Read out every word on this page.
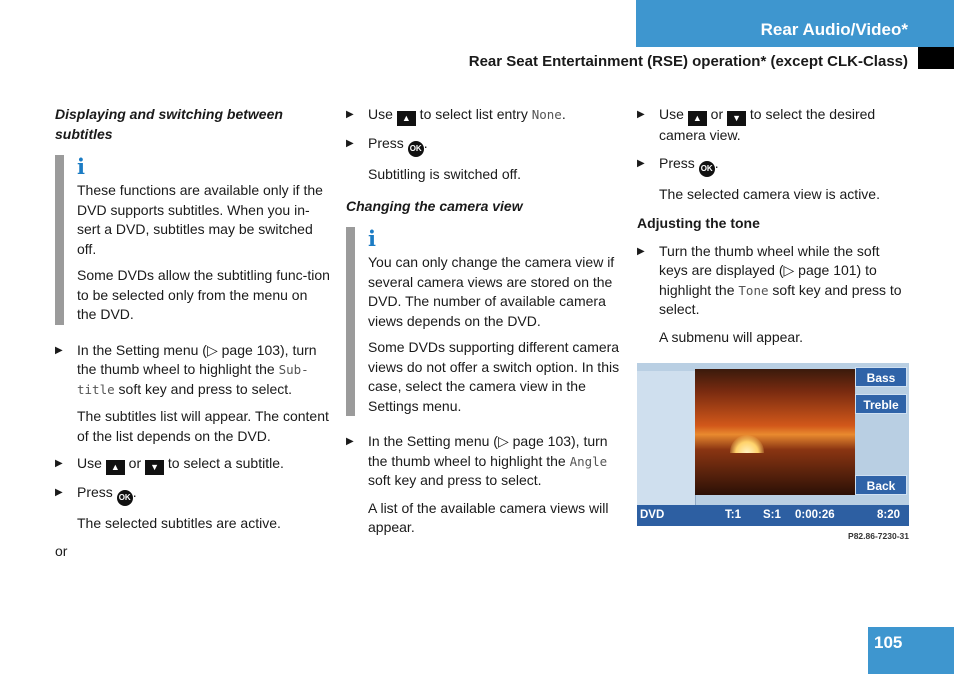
Rear Audio/Video*
Rear Seat Entertainment (RSE) operation* (except CLK-Class)
Displaying and switching between subtitles
i

These functions are available only if the DVD supports subtitles. When you in-sert a DVD, subtitles may be switched off.

Some DVDs allow the subtitling func-tion to be selected only from the menu on the DVD.

▶ In the Setting menu (▷ page 103), turn the thumb wheel to highlight the Sub-title soft key and press to select.
The subtitles list will appear. The content of the list depends on the DVD.
▶ Use ▲ or ▼ to select a subtitle.
▶ Press OK .
The selected subtitles are active.
or
▶ Use ▲ to select list entry None.
▶ Press OK .
Subtitling is switched off.
Changing the camera view
i

You can only change the camera view if several camera views are stored on the DVD. The number of available camera views depends on the DVD.

Some DVDs supporting different camera views do not offer a switch option. In this case, select the camera view in the Settings menu.

▶ In the Setting menu (▷ page 103), turn the thumb wheel to highlight the Angle soft key and press to select.
A list of the available camera views will appear.
▶ Use ▲ or ▼ to select the desired camera view.
▶ Press OK .
The selected camera view is active.
Adjusting the tone
▶ Turn the thumb wheel while the soft keys are displayed (▷ page 101) to highlight the Tone soft key and press to select.
A submenu will appear.
Bass
Treble
Back
DVD	T:1 S:1 0:00:26	8:20
P82.86-7230-31
105
